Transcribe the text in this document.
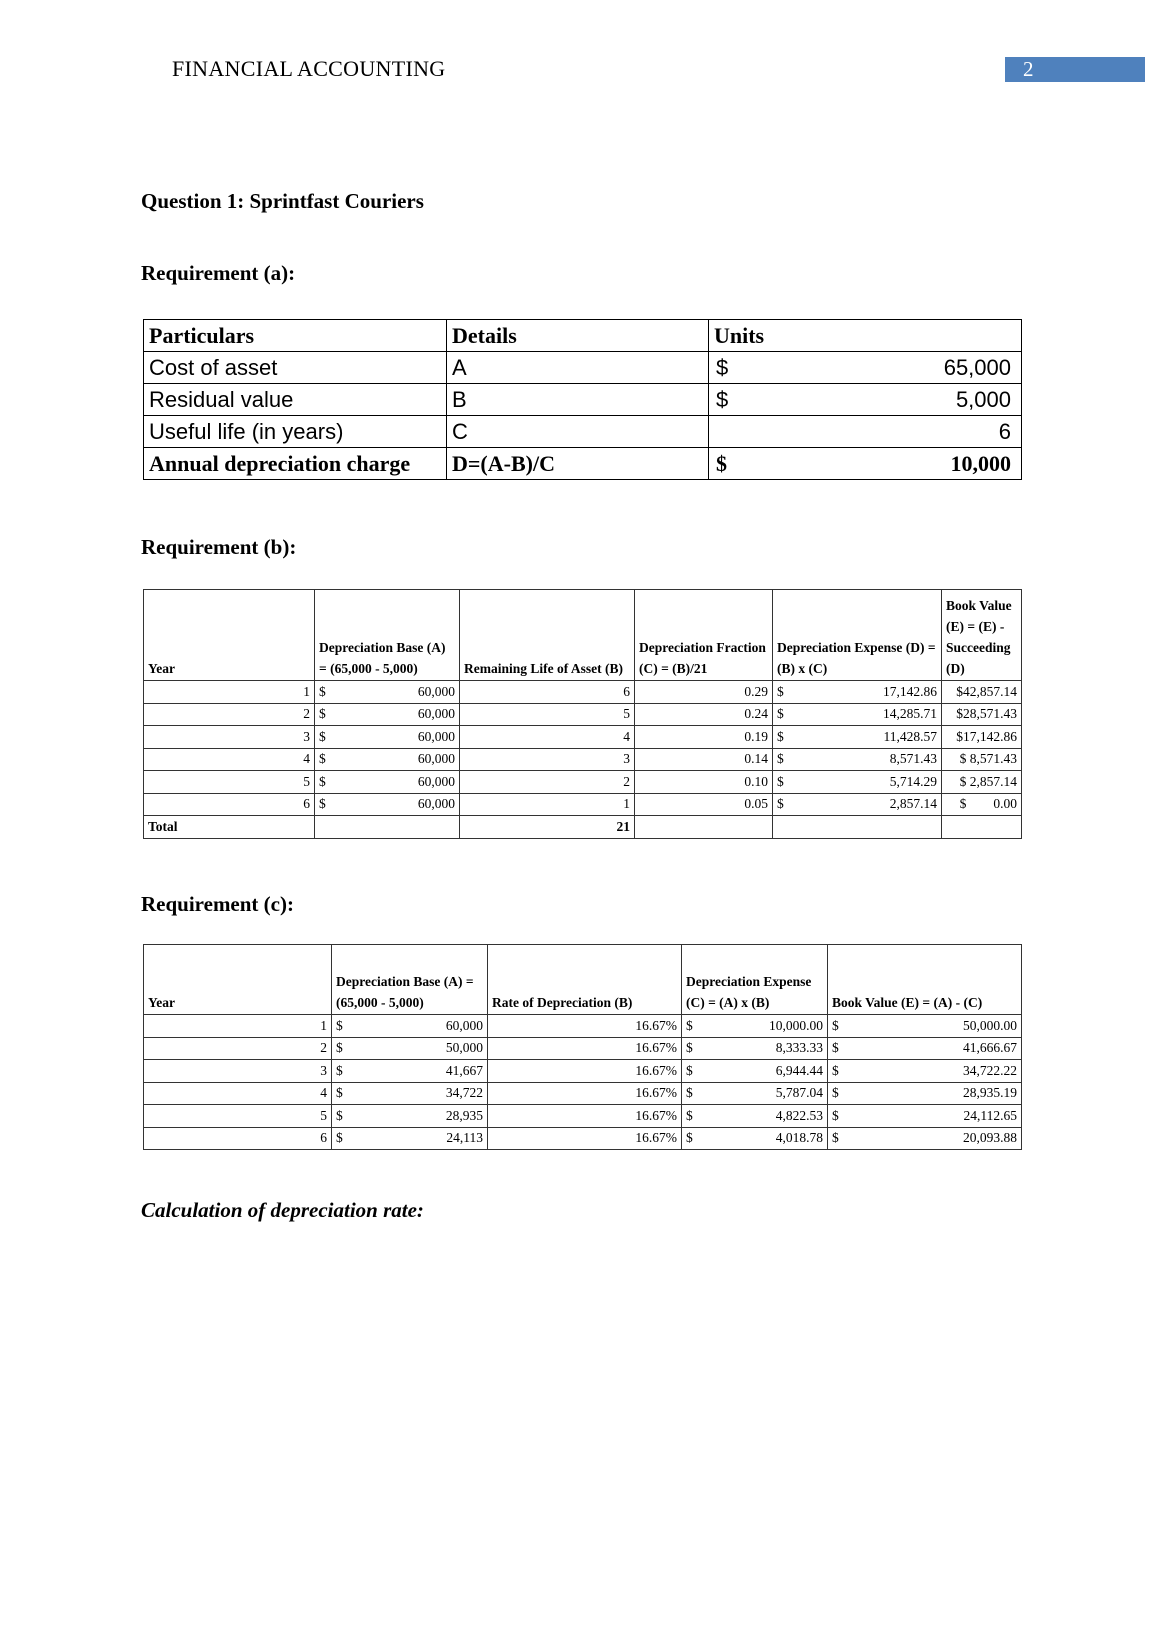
FINANCIAL ACCOUNTING	2
Question 1: Sprintfast Couriers
Requirement (a):
Particulars	Details	Units	
Cost of asset	A	$	65,000
Residual value	B	$	5,000
Useful life (in years)	C		6
Annual depreciation charge	D=(A-B)/C	$	10,000
Requirement (b):
Year	Depreciation Base (A) = (65,000 - 5,000)		Remaining Life of Asset (B)	Depreciation Fraction (C) = (B)/21	Depreciation Expense (D) = (B) x (C)		Book Value (E) = (E) - Succeeding (D)
1	$	60,000	6	0.29	$	17,142.86	$42,857.14
2	$	60,000	5	0.24	$	14,285.71	$28,571.43
3	$	60,000	4	0.19	$	11,428.57	$17,142.86
4	$	60,000	3	0.14	$	8,571.43	$ 8,571.43
5	$	60,000	2	0.10	$	5,714.29	$ 2,857.14
6	$	60,000	1	0.05	$	2,857.14	$        0.00
Total			21				
Requirement (c):
Year	Depreciation Base (A) = (65,000 - 5,000)		Rate of Depreciation (B)	Depreciation Expense (C) = (A) x (B)		Book Value (E) = (A) - (C)	
1	$	60,000	16.67%	$	10,000.00	$	50,000.00
2	$	50,000	16.67%	$	8,333.33	$	41,666.67
3	$	41,667	16.67%	$	6,944.44	$	34,722.22
4	$	34,722	16.67%	$	5,787.04	$	28,935.19
5	$	28,935	16.67%	$	4,822.53	$	24,112.65
6	$	24,113	16.67%	$	4,018.78	$	20,093.88
Calculation of depreciation rate:
